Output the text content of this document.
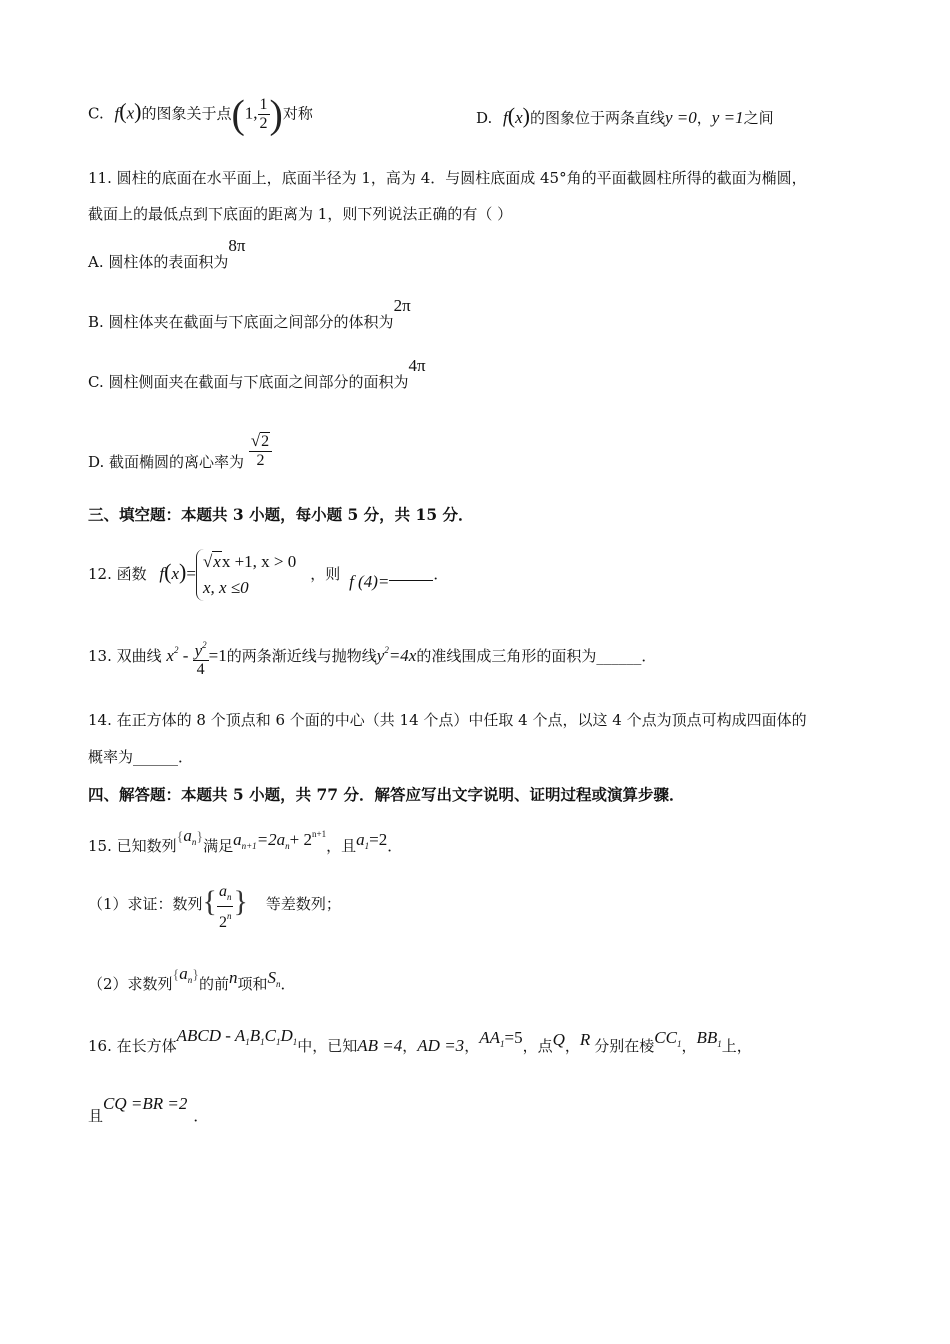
C. f(x)的图象关于点(1, $\frac{1}{2}$ )对称	D. f(x)的图象位于两条直线y =0，y =1之间
11. 圆柱的底面在水平面上，底面半径为 1，高为 4．与圆柱底面成 45°角的平面截圆柱所得的截面为椭圆，
截面上的最低点到下底面的距离为 1，则下列说法正确的有（ ）
A. 圆柱体的表面积为8π
B. 圆柱体夹在截面与下底面之间部分的体积为2π
C. 圆柱侧面夹在截面与下底面之间部分的面积为4π
D. 截面椭圆的离心率为 $\frac{√2}{2}$
三、填空题：本题共 3 小题，每小题 5 分，共 15 分．
12. 函数 f(x)=
√xx +1, x > 0
x, x ≤0
，则 f (4)=	．
13. 双曲线 $x^2 - \frac{y^2}{4} =1$的两条渐近线与抛物线$y^2=4x$的准线围成三角形的面积为______．
14. 在正方体的 8 个顶点和 6 个面的中心（共 14 个点）中任取 4 个点，以这 4 个点为顶点可构成四面体的
概率为______．
四、解答题：本题共 5 小题，共 77 分．解答应写出文字说明、证明过程或演算步骤．
15. 已知数列$\{a_n\}$满足$a_{n+1}=2a_n+ 2^{n+1}$，且$a_1=2$．
（1）求证：数列{ $\frac{a_n}{2^n}$ } 等差数列；
（2）求数列$\{a_n\}$的前n项和$S_n$．
16. 在长方体ABCD - $A_1B_1C_1D_1$中，已知AB =4，AD =3，$AA_1=5$，点Q，R 分别在棱$CC_1$，$BB_1$上，
且CQ =BR =2．
